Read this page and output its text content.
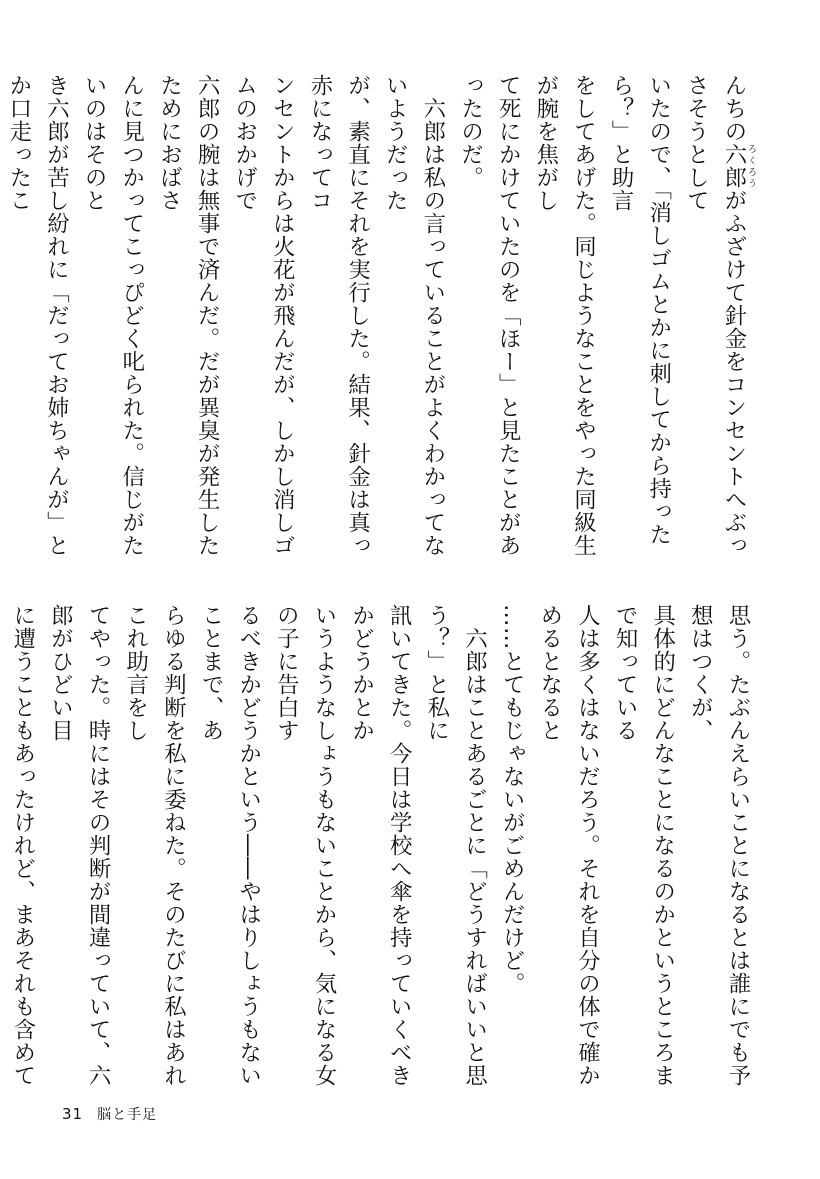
んちの六郎 ろくろうがふざけて針金をコンセントへぶっさそうとして
いたので、「消しゴムとかに刺してから持ったら？」と助言
をしてあげた。同じようなことをやった同級生が腕を焦がし
て死にかけていたのを「ほー」と見たことがあったのだ。
　六郎は私の言っていることがよくわかってないようだった
が、素直にそれを実行した。結果、針金は真っ赤になってコ
ンセントからは火花が飛んだが、しかし消しゴムのおかげで
六郎の腕は無事で済んだ。だが異臭が発生したためにおばさ
んに見つかってこっぴどく叱られた。信じがたいのはそのと
き六郎が苦し紛れに「だってお姉ちゃんが」とか口走ったこ

思う。たぶんえらいことになるとは誰にでも予想はつくが、
具体的にどんなことになるのかというところまで知っている
人は多くはないだろう。それを自分の体で確かめるとなると
……とてもじゃないがごめんだけど。
　六郎はことあるごとに「どうすればいいと思う？」と私に
訊いてきた。今日は学校へ傘を持っていくべきかどうかとか
いうようなしょうもないことから、気になる女の子に告白す
るべきかどうかという――やはりしょうもないことまで、あ
らゆる判断を私に委ねた。そのたびに私はあれこれ助言をし
てやった。時にはその判断が間違っていて、六郎がひどい目
に遭うこともあったけれど、まあそれも含めて

31 脳と手足
